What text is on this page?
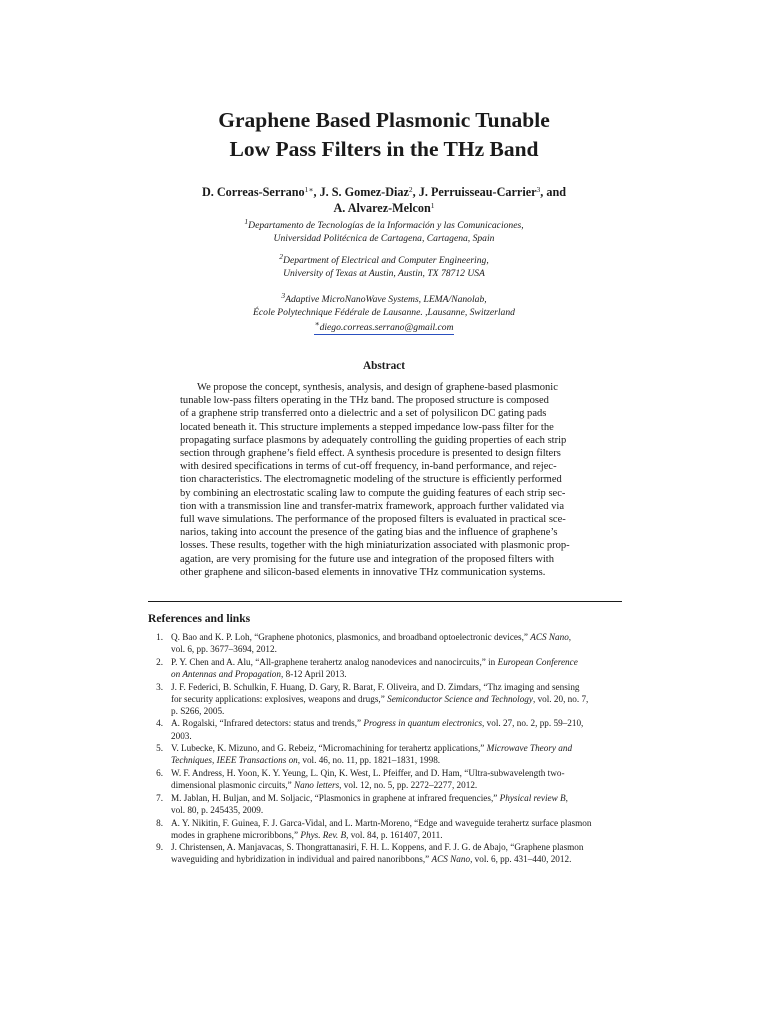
Graphene Based Plasmonic Tunable
Low Pass Filters in the THz Band
D. Correas-Serrano$^{1∗}$, J. S. Gomez-Diaz$^2$, J. Perruisseau-Carrier$^3$, and
A. Alvarez-Melcon$^1$
$^1$Departamento de Tecnologías de la Información y las Comunicaciones,
Universidad Politécnica de Cartagena, Cartagena, Spain
$^2$Department of Electrical and Computer Engineering,
University of Texas at Austin, Austin, TX 78712 USA
$^3$Adaptive MicroNanoWave Systems, LEMA/Nanolab,
École Polytechnique Fédérale de Lausanne. ,Lausanne, Switzerland
∗diego.correas.serrano@gmail.com
Abstract
We propose the concept, synthesis, analysis, and design of graphene-based plasmonic
tunable low-pass filters operating in the THz band. The proposed structure is composed
of a graphene strip transferred onto a dielectric and a set of polysilicon DC gating pads
located beneath it. This structure implements a stepped impedance low-pass filter for the
propagating surface plasmons by adequately controlling the guiding properties of each strip
section through graphene’s field effect. A synthesis procedure is presented to design filters
with desired specifications in terms of cut-off frequency, in-band performance, and rejec-
tion characteristics. The electromagnetic modeling of the structure is efficiently performed
by combining an electrostatic scaling law to compute the guiding features of each strip sec-
tion with a transmission line and transfer-matrix framework, approach further validated via
full wave simulations. The performance of the proposed filters is evaluated in practical sce-
narios, taking into account the presence of the gating bias and the influence of graphene’s
losses. These results, together with the high miniaturization associated with plasmonic prop-
agation, are very promising for the future use and integration of the proposed filters with
other graphene and silicon-based elements in innovative THz communication systems.
References and links
1. Q. Bao and K. P. Loh, “Graphene photonics, plasmonics, and broadband optoelectronic devices,” ACS Nano,
vol. 6, pp. 3677–3694, 2012.
2. P. Y. Chen and A. Alu, “All-graphene terahertz analog nanodevices and nanocircuits,” in European Conference
on Antennas and Propagation, 8-12 April 2013.
3. J. F. Federici, B. Schulkin, F. Huang, D. Gary, R. Barat, F. Oliveira, and D. Zimdars, “Thz imaging and sensing
for security applications: explosives, weapons and drugs,” Semiconductor Science and Technology, vol. 20, no. 7,
p. S266, 2005.
4. A. Rogalski, “Infrared detectors: status and trends,” Progress in quantum electronics, vol. 27, no. 2, pp. 59–210,
2003.
5. V. Lubecke, K. Mizuno, and G. Rebeiz, “Micromachining for terahertz applications,” Microwave Theory and
Techniques, IEEE Transactions on, vol. 46, no. 11, pp. 1821–1831, 1998.
6. W. F. Andress, H. Yoon, K. Y. Yeung, L. Qin, K. West, L. Pfeiffer, and D. Ham, “Ultra-subwavelength two-
dimensional plasmonic circuits,” Nano letters, vol. 12, no. 5, pp. 2272–2277, 2012.
7. M. Jablan, H. Buljan, and M. Soljacic, “Plasmonics in graphene at infrared frequencies,” Physical review B,
vol. 80, p. 245435, 2009.
8. A. Y. Nikitin, F. Guinea, F. J. Garca-Vidal, and L. Martn-Moreno, “Edge and waveguide terahertz surface plasmon
modes in graphene microribbons,” Phys. Rev. B, vol. 84, p. 161407, 2011.
9. J. Christensen, A. Manjavacas, S. Thongrattanasiri, F. H. L. Koppens, and F. J. G. de Abajo, “Graphene plasmon
waveguiding and hybridization in individual and paired nanoribbons,” ACS Nano, vol. 6, pp. 431–440, 2012.
